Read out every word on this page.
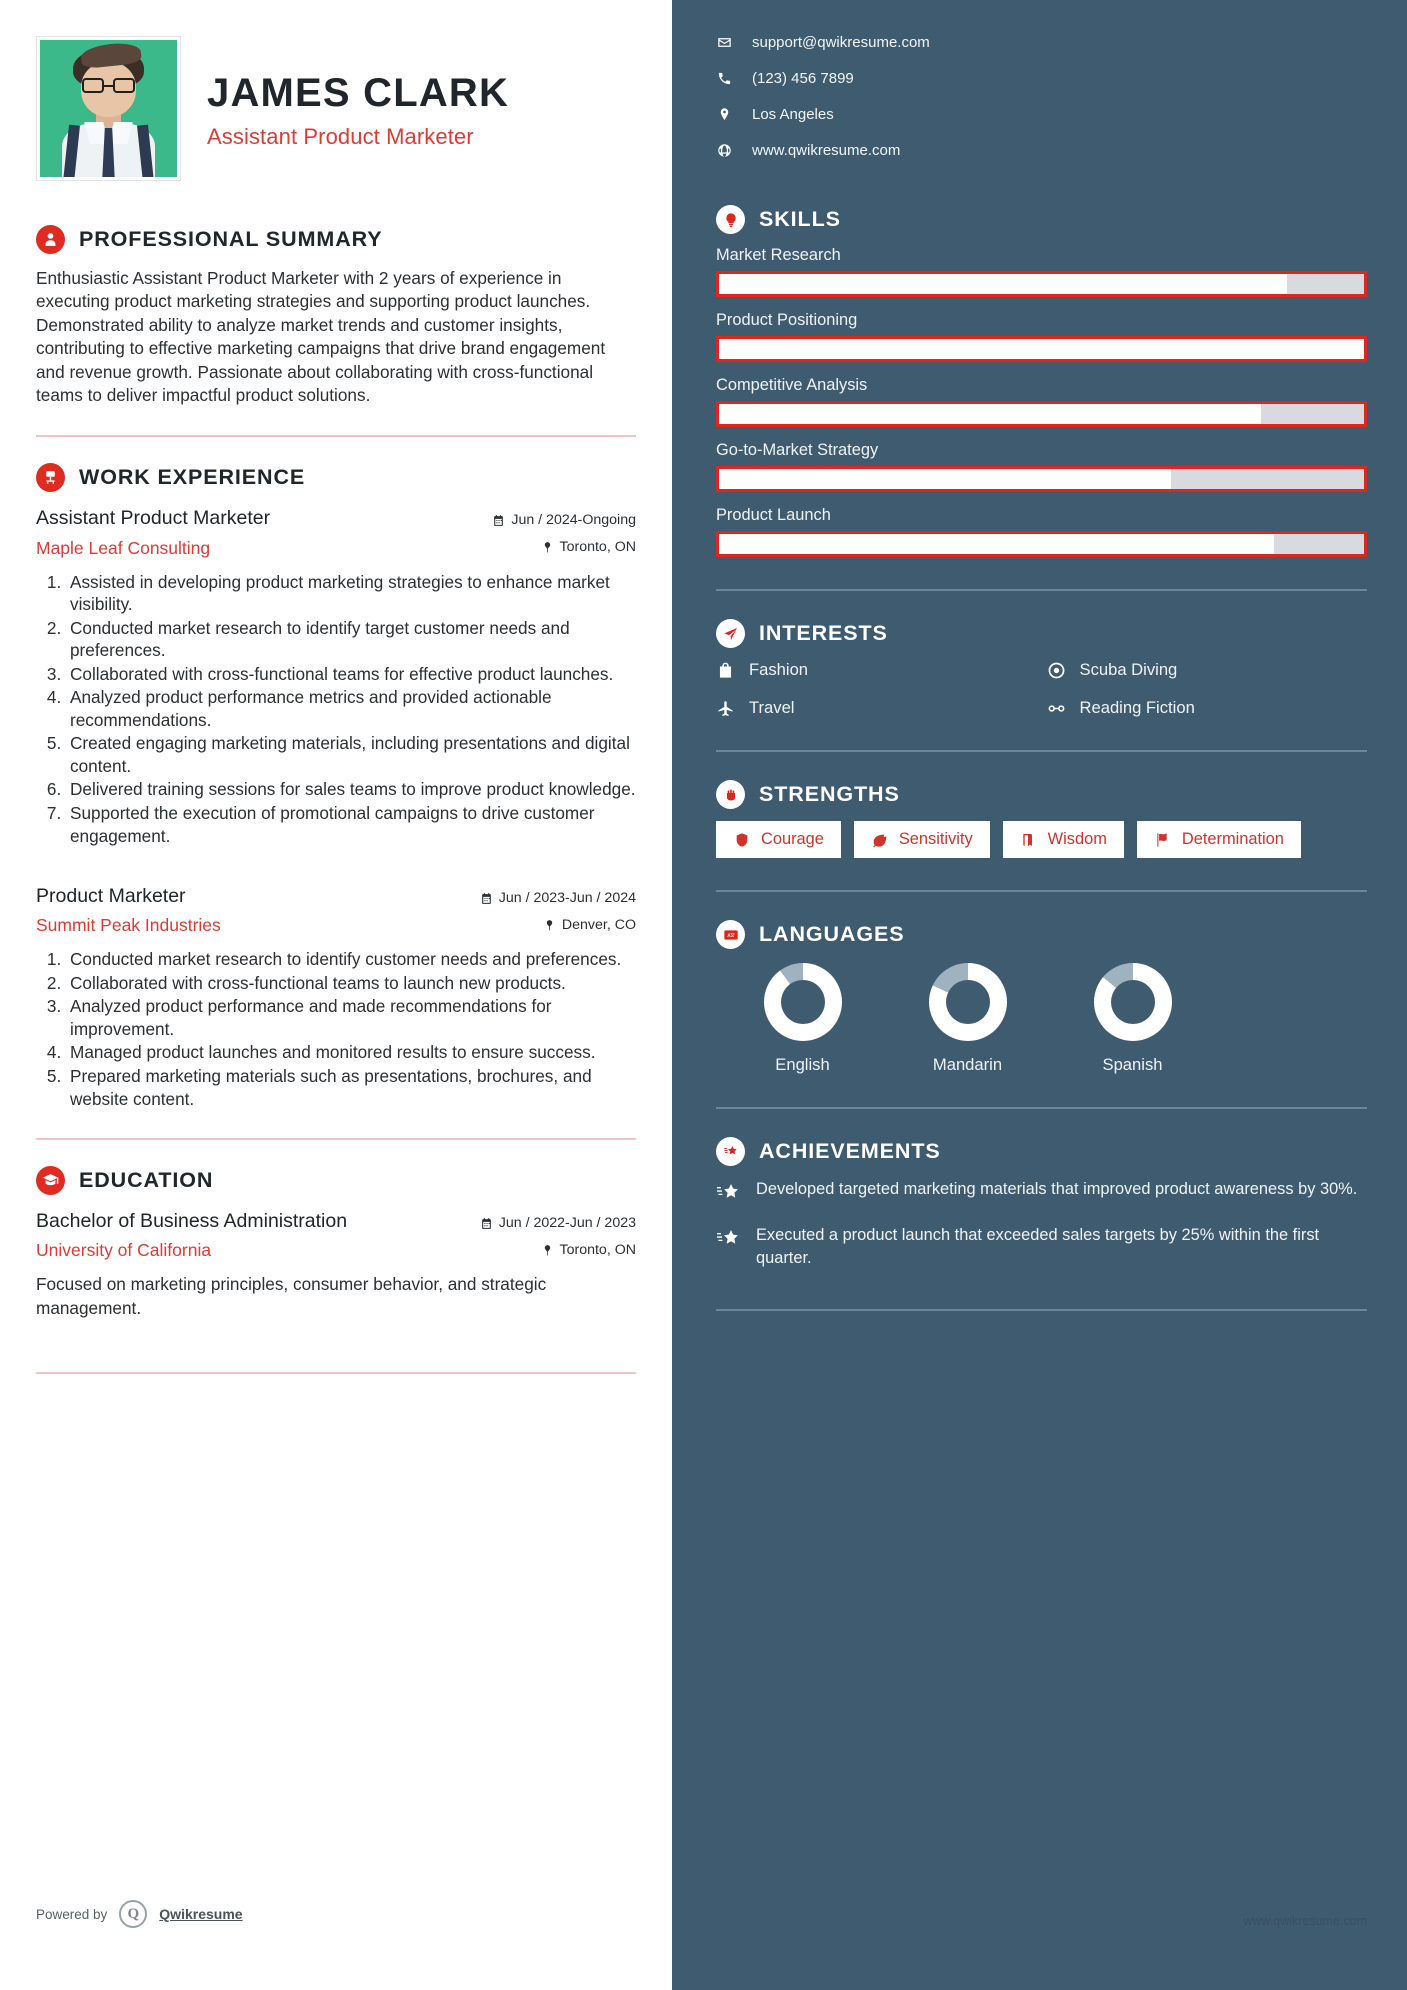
JAMES CLARK
Assistant Product Marketer
PROFESSIONAL SUMMARY
Enthusiastic Assistant Product Marketer with 2 years of experience in executing product marketing strategies and supporting product launches. Demonstrated ability to analyze market trends and customer insights, contributing to effective marketing campaigns that drive brand engagement and revenue growth. Passionate about collaborating with cross-functional teams to deliver impactful product solutions.
WORK EXPERIENCE
Assistant Product Marketer
Maple Leaf Consulting
Jun / 2024-Ongoing
Toronto, ON
1. Assisted in developing product marketing strategies to enhance market visibility.
2. Conducted market research to identify target customer needs and preferences.
3. Collaborated with cross-functional teams for effective product launches.
4. Analyzed product performance metrics and provided actionable recommendations.
5. Created engaging marketing materials, including presentations and digital content.
6. Delivered training sessions for sales teams to improve product knowledge.
7. Supported the execution of promotional campaigns to drive customer engagement.
Product Marketer
Summit Peak Industries
Jun / 2023-Jun / 2024
Denver, CO
1. Conducted market research to identify customer needs and preferences.
2. Collaborated with cross-functional teams to launch new products.
3. Analyzed product performance and made recommendations for improvement.
4. Managed product launches and monitored results to ensure success.
5. Prepared marketing materials such as presentations, brochures, and website content.
EDUCATION
Bachelor of Business Administration
University of California
Jun / 2022-Jun / 2023
Toronto, ON
Focused on marketing principles, consumer behavior, and strategic management.
Powered by	Q	Qwikresume
support@qwikresume.com
(123) 456 7899
Los Angeles
www.qwikresume.com
SKILLS
Market Research
Product Positioning
Competitive Analysis
Go-to-Market Strategy
Product Launch
INTERESTS
Fashion	Scuba Diving
Travel	Reading Fiction
STRENGTHS
Courage	Sensitivity	Wisdom	Determination
LANGUAGES
English	Mandarin	Spanish
ACHIEVEMENTS
Developed targeted marketing materials that improved product awareness by 30%.
Executed a product launch that exceeded sales targets by 25% within the first quarter.
www.qwikresume.com
